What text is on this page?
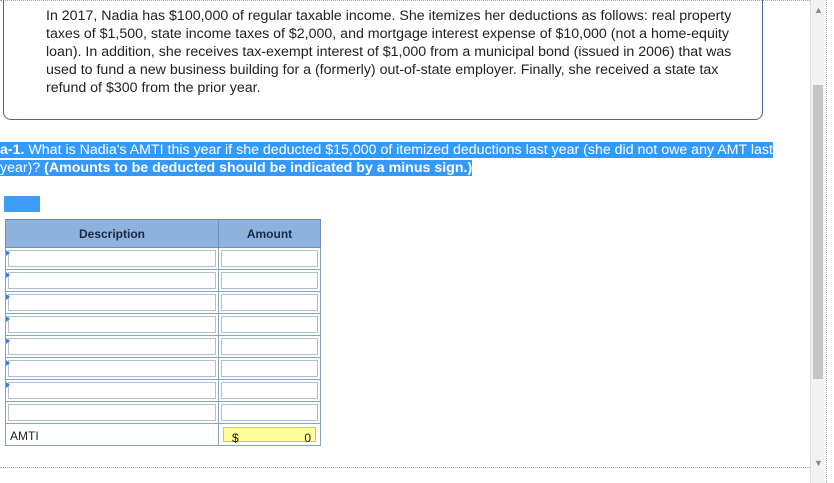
In 2017, Nadia has $100,000 of regular taxable income. She itemizes her deductions as follows: real property taxes of $1,500, state income taxes of $2,000, and mortgage interest expense of $10,000 (not a home-equity loan). In addition, she receives tax-exempt interest of $1,000 from a municipal bond (issued in 2006) that was used to fund a new business building for a (formerly) out-of-state employer. Finally, she received a state tax refund of $300 from the prior year.
a-1. What is Nadia's AMTI this year if she deducted $15,000 of itemized deductions last year (she did not owe any AMT last year)? (Amounts to be deducted should be indicated by a minus sign.)
Description	Amount

AMTI	$ 0
▲
▼
